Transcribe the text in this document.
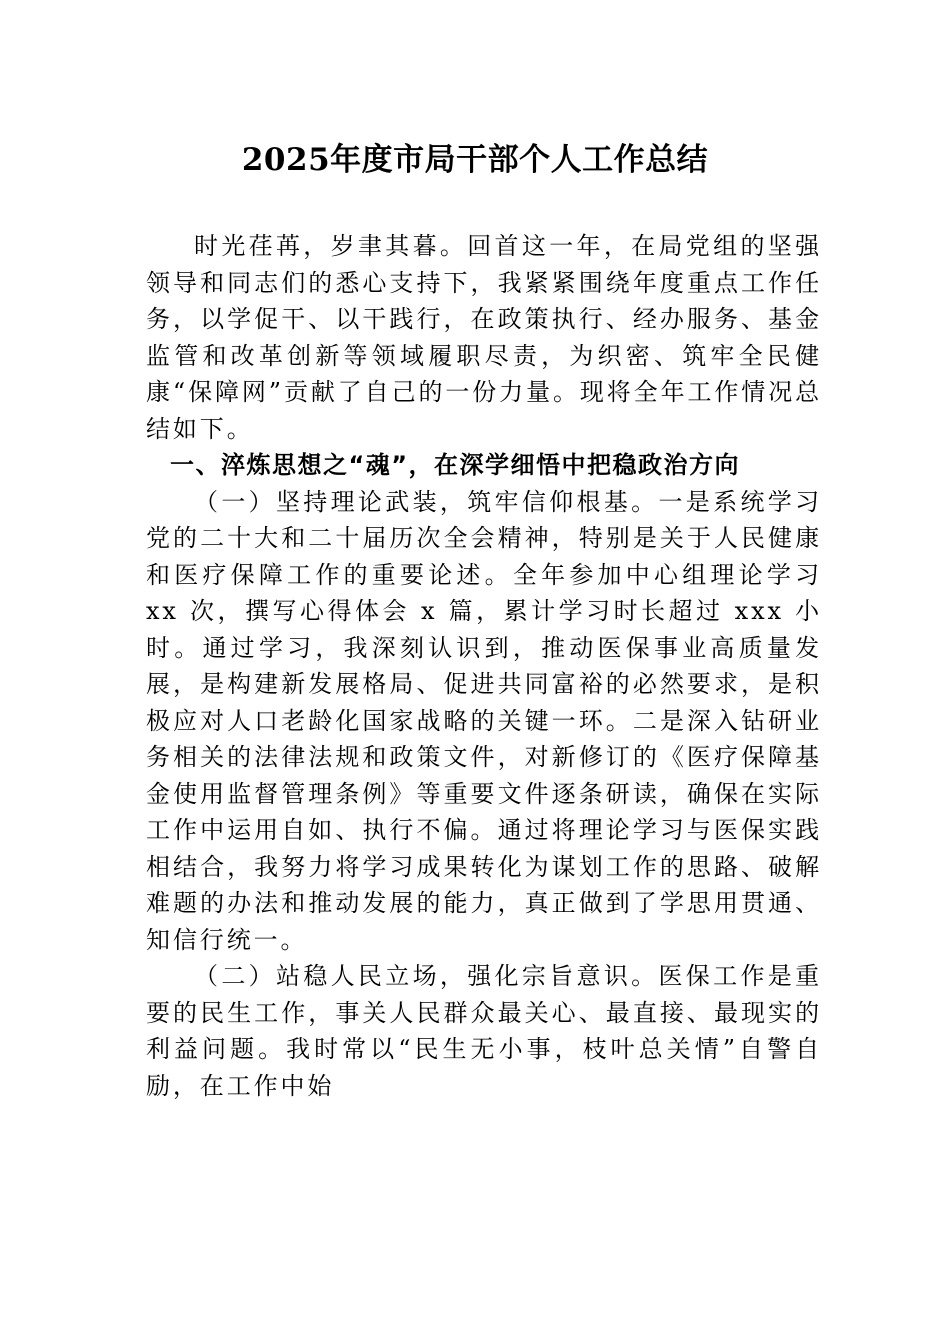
2025年度市局干部个人工作总结

时光荏苒，岁聿其暮。回首这一年，在局党组的坚强领导和同志们的悉心支持下，我紧紧围绕年度重点工作任务，以学促干、以干践行，在政策执行、经办服务、基金监管和改革创新等领域履职尽责，为织密、筑牢全民健康“保障网”贡献了自己的一份力量。现将全年工作情况总结如下。

一、淬炼思想之“魂”，在深学细悟中把稳政治方向

（一）坚持理论武装，筑牢信仰根基。一是系统学习党的二十大和二十届历次全会精神，特别是关于人民健康和医疗保障工作的重要论述。全年参加中心组理论学习 xx 次，撰写心得体会 x 篇，累计学习时长超过 xxx 小时。通过学习，我深刻认识到，推动医保事业高质量发展，是构建新发展格局、促进共同富裕的必然要求，是积极应对人口老龄化国家战略的关键一环。二是深入钻研业务相关的法律法规和政策文件，对新修订的《医疗保障基金使用监督管理条例》等重要文件逐条研读，确保在实际工作中运用自如、执行不偏。通过将理论学习与医保实践相结合，我努力将学习成果转化为谋划工作的思路、破解难题的办法和推动发展的能力，真正做到了学思用贯通、知信行统一。

（二）站稳人民立场，强化宗旨意识。医保工作是重要的民生工作，事关人民群众最关心、最直接、最现实的利益问题。我时常以“民生无小事，枝叶总关情”自警自励，在工作中始
